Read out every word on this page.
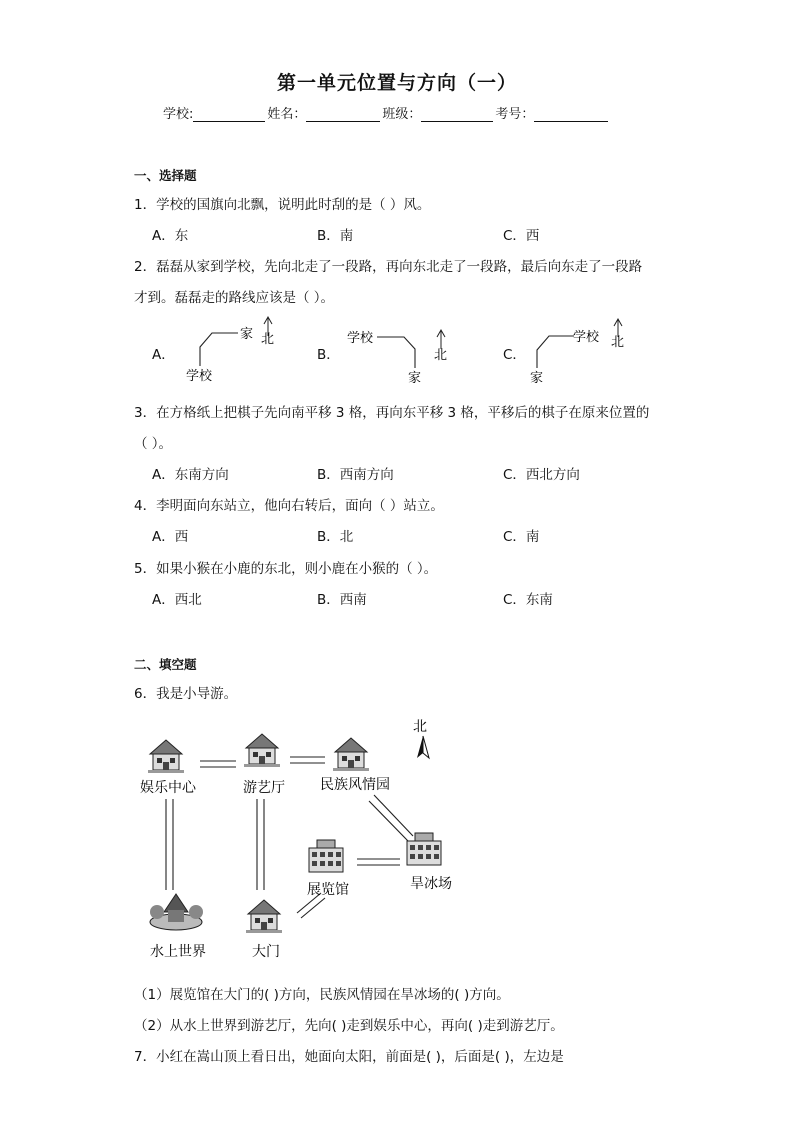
第一单元位置与方向（一）
学校:	姓名：	班级：	考号：
一、选择题
1．学校的国旗向北飘，说明此时刮的是（ ）风。
A．东	B．南	C．西
2．磊磊从家到学校，先向北走了一段路，再向东北走了一段路，最后向东走了一段路
才到。磊磊走的路线应该是（ ）。
A．	B．	C．
家
学校
北	学校
家
北
学校
家
北
3．在方格纸上把棋子先向南平移 3 格，再向东平移 3 格，平移后的棋子在原来位置的
（ ）。
A．东南方向	B．西南方向	C．西北方向
4．李明面向东站立，他向右转后，面向（ ）站立。
A．西	B．北	C．南
5．如果小猴在小鹿的东北，则小鹿在小猴的（ ）。
A．西北	B．西南	C．东南
二、填空题
6．我是小导游。
北
娱乐中心	游艺厅	民族风情园
展览馆	旱冰场
水上世界	大门
（1）展览馆在大门的( )方向，民族风情园在旱冰场的( )方向。
（2）从水上世界到游艺厅，先向( )走到娱乐中心，再向( )走到游艺厅。
7．小红在嵩山顶上看日出，她面向太阳，前面是( )，后面是( )，左边是
